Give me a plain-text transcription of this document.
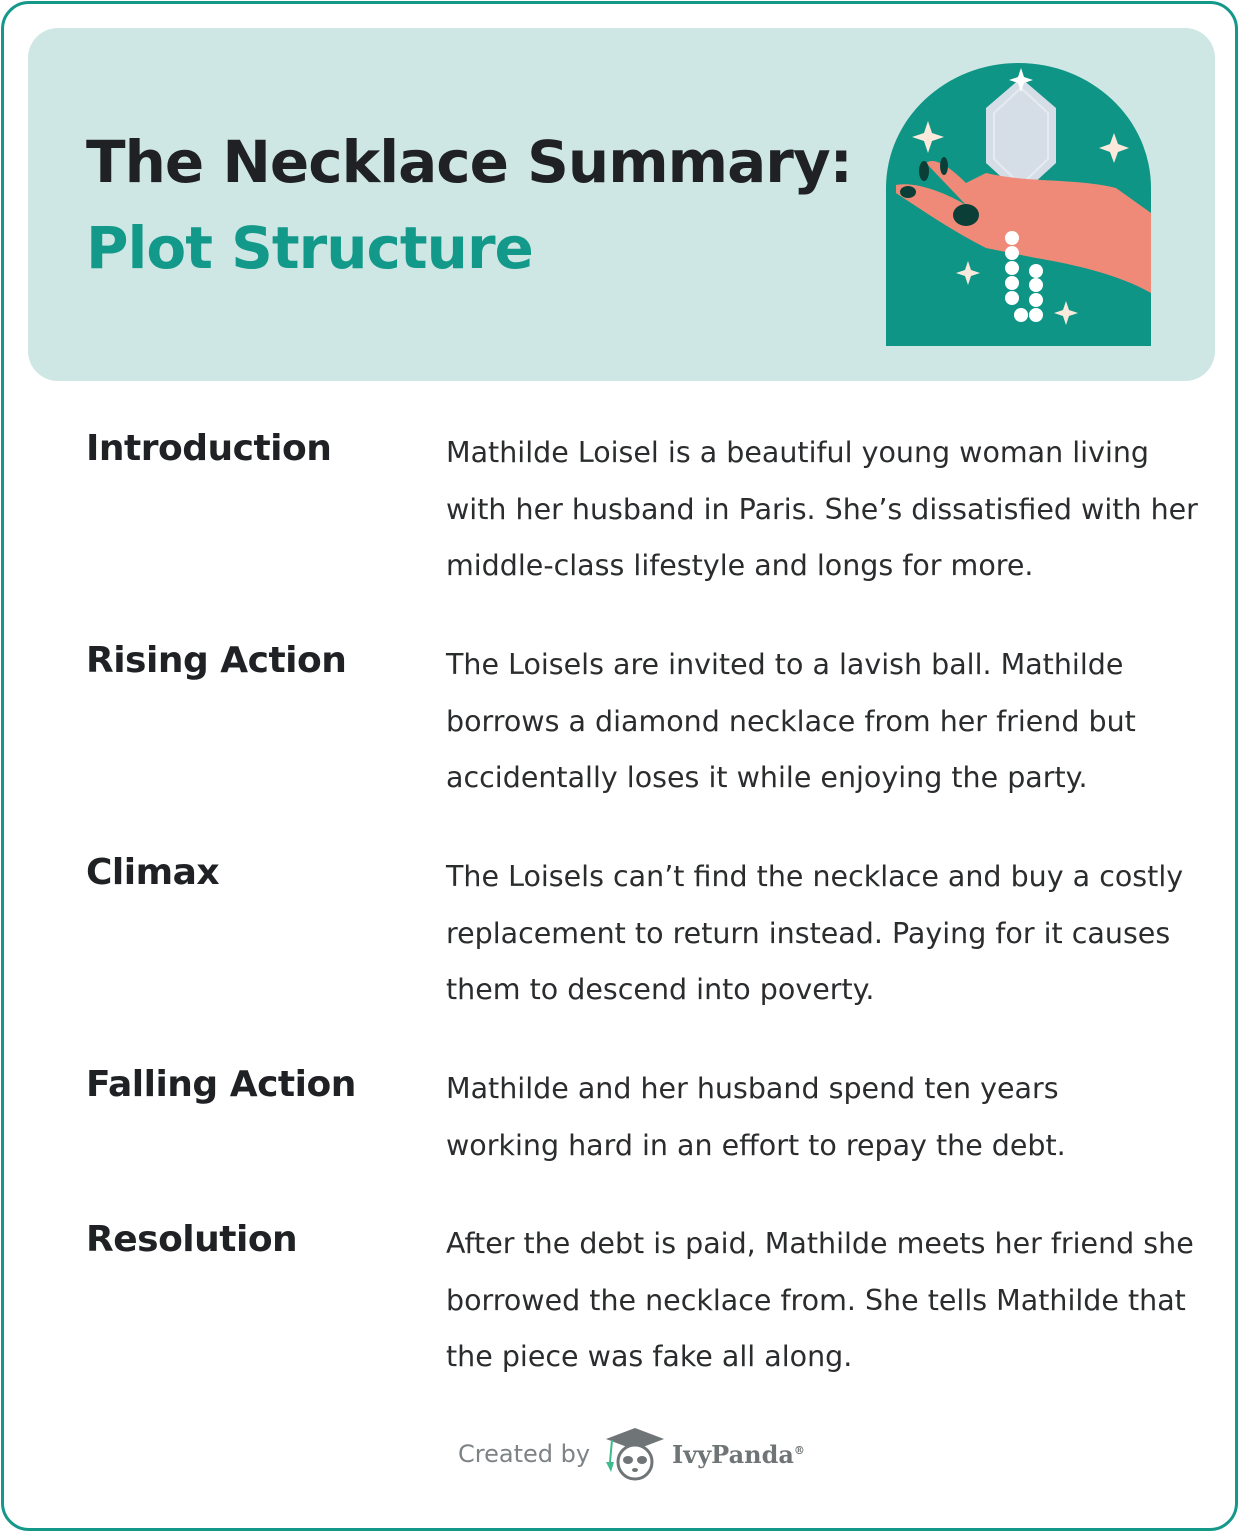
The Necklace Summary:
Plot Structure
Introduction	Mathilde Loisel is a beautiful young woman living with her husband in Paris. She’s dissatisfied with her middle-class lifestyle and longs for more.
Rising Action	The Loisels are invited to a lavish ball. Mathilde borrows a diamond necklace from her friend but accidentally loses it while enjoying the party.
Climax	The Loisels can’t find the necklace and buy a costly replacement to return instead. Paying for it causes them to descend into poverty.
Falling Action	Mathilde and her husband spend ten years working hard in an effort to repay the debt.
Resolution	After the debt is paid, Mathilde meets her friend she borrowed the necklace from. She tells Mathilde that the piece was fake all along.
Created by	IvyPanda®
